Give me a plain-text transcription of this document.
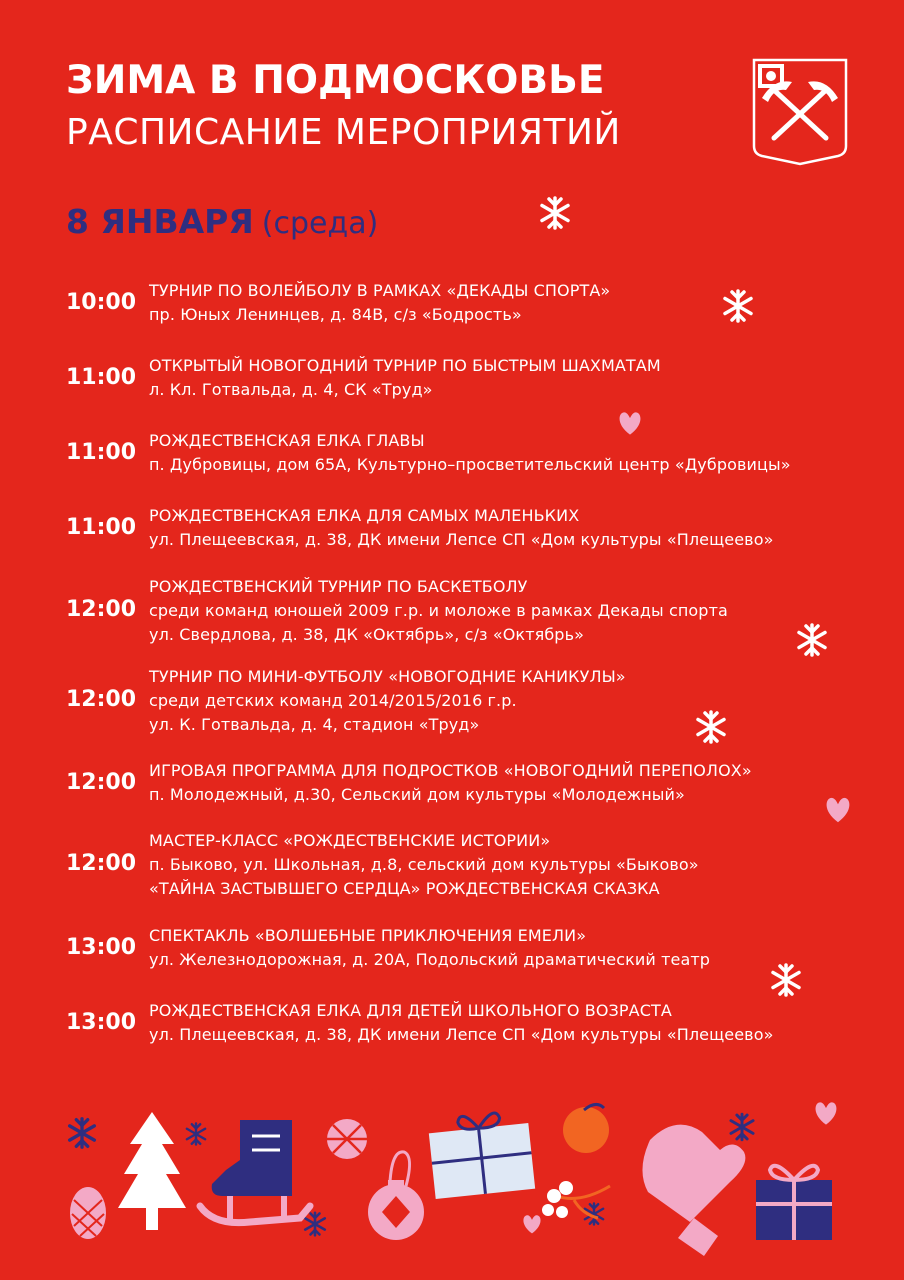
ЗИМА В ПОДМОСКОВЬЕ
РАСПИСАНИЕ МЕРОПРИЯТИЙ
8 ЯНВАРЯ (среда)
10:00 ТУРНИР ПО ВОЛЕЙБОЛУ В РАМКАХ «ДЕКАДЫ СПОРТА»
пр. Юных Ленинцев, д. 84В, с/з «Бодрость»
11:00 ОТКРЫТЫЙ НОВОГОДНИЙ ТУРНИР ПО БЫСТРЫМ ШАХМАТАМ
л. Кл. Готвальда, д. 4, СК «Труд»
11:00 РОЖДЕСТВЕНСКАЯ ЕЛКА ГЛАВЫ
п. Дубровицы, дом 65А, Культурно–просветительский центр «Дубровицы»
11:00 РОЖДЕСТВЕНСКАЯ ЕЛКА ДЛЯ САМЫХ МАЛЕНЬКИХ
ул. Плещеевская, д. 38, ДК имени Лепсе СП «Дом культуры «Плещеево»
12:00
РОЖДЕСТВЕНСКИЙ ТУРНИР ПО БАСКЕТБОЛУ
среди команд юношей 2009 г.р. и моложе в рамках Декады спорта
ул. Свердлова, д. 38, ДК «Октябрь», с/з «Октябрь»
12:00
ТУРНИР ПО МИНИ-ФУТБОЛУ «НОВОГОДНИЕ КАНИКУЛЫ»
среди детских команд 2014/2015/2016 г.р.
ул. К. Готвальда, д. 4, стадион «Труд»
12:00 ИГРОВАЯ ПРОГРАММА ДЛЯ ПОДРОСТКОВ «НОВОГОДНИЙ ПЕРЕПОЛОХ»
п. Молодежный, д.30, Сельский дом культуры «Молодежный»
12:00
МАСТЕР-КЛАСС «РОЖДЕСТВЕНСКИЕ ИСТОРИИ»
п. Быково, ул. Школьная, д.8, сельский дом культуры «Быково»
«ТАЙНА ЗАСТЫВШЕГО СЕРДЦА» РОЖДЕСТВЕНСКАЯ СКАЗКА
13:00 СПЕКТАКЛЬ «ВОЛШЕБНЫЕ ПРИКЛЮЧЕНИЯ ЕМЕЛИ»
ул. Железнодорожная, д. 20А, Подольский драматический театр
13:00 РОЖДЕСТВЕНСКАЯ ЕЛКА ДЛЯ ДЕТЕЙ ШКОЛЬНОГО ВОЗРАСТА
ул. Плещеевская, д. 38, ДК имени Лепсе СП «Дом культуры «Плещеево»
